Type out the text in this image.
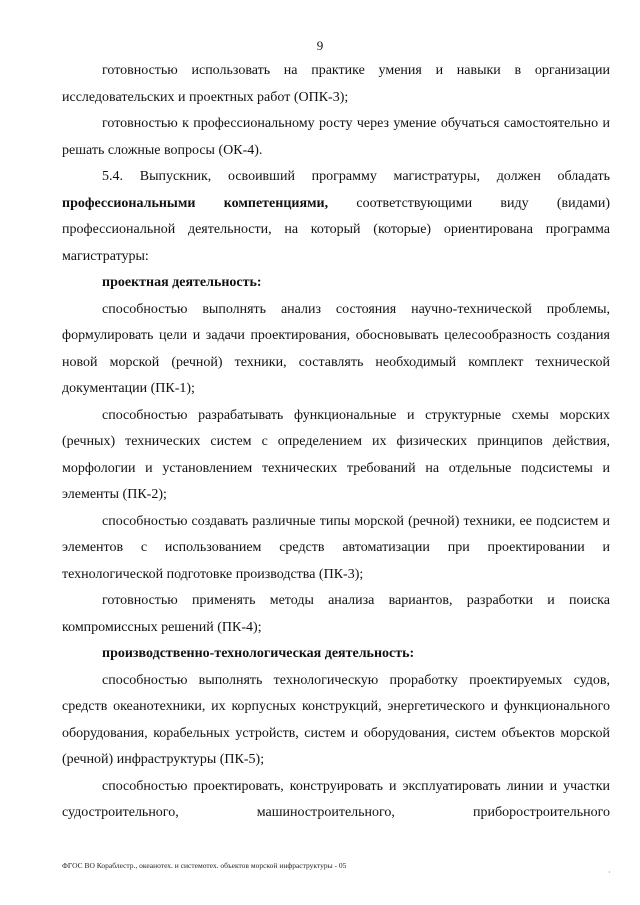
9

готовностью использовать на практике умения и навыки в организации исследовательских и проектных работ (ОПК-3);

готовностью к профессиональному росту через умение обучаться самостоятельно и решать сложные вопросы (ОК-4).

5.4. Выпускник, освоивший программу магистратуры, должен обладать профессиональными компетенциями, соответствующими виду (видами) профессиональной деятельности, на который (которые) ориентирована программа магистратуры:

проектная деятельность:

способностью выполнять анализ состояния научно-технической проблемы, формулировать цели и задачи проектирования, обосновывать целесообразность создания новой морской (речной) техники, составлять необходимый комплект технической документации (ПК-1);

способностью разрабатывать функциональные и структурные схемы морских (речных) технических систем с определением их физических принципов действия, морфологии и установлением технических требований на отдельные подсистемы и элементы (ПК-2);

способностью создавать различные типы морской (речной) техники, ее подсистем и элементов с использованием средств автоматизации при проектировании и технологической подготовке производства (ПК-3);

готовностью применять методы анализа вариантов, разработки и поиска компромиссных решений (ПК-4);

производственно-технологическая деятельность:

способностью выполнять технологическую проработку проектируемых судов, средств океанотехники, их корпусных конструкций, энергетического и функционального оборудования, корабельных устройств, систем и оборудования, систем объектов морской (речной) инфраструктуры (ПК-5);

способностью проектировать, конструировать и эксплуатировать линии и участки судостроительного, машиностроительного, приборостроительного

ФГОС ВО Кораблестр., океанотех. и системотех. объектов морской инфраструктуры - 05
·
